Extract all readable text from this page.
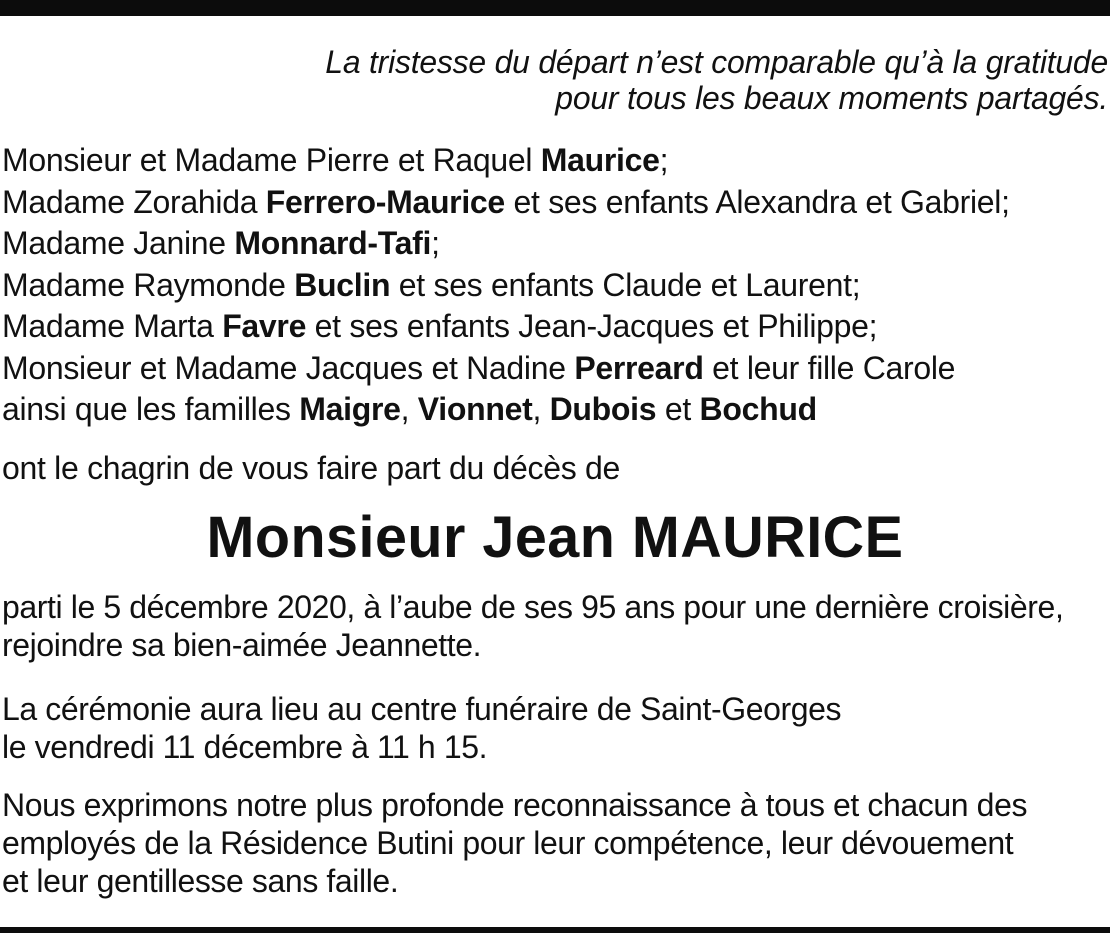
La tristesse du départ n’est comparable qu’à la gratitude
pour tous les beaux moments partagés.
Monsieur et Madame Pierre et Raquel Maurice;
Madame Zorahida Ferrero-Maurice et ses enfants Alexandra et Gabriel;
Madame Janine Monnard-Tafi;
Madame Raymonde Buclin et ses enfants Claude et Laurent;
Madame Marta Favre et ses enfants Jean-Jacques et Philippe;
Monsieur et Madame Jacques et Nadine Perreard et leur fille Carole
ainsi que les familles Maigre, Vionnet, Dubois et Bochud
ont le chagrin de vous faire part du décès de
Monsieur Jean MAURICE
parti le 5 décembre 2020, à l’aube de ses 95 ans pour une dernière croisière,
rejoindre sa bien-aimée Jeannette.
La cérémonie aura lieu au centre funéraire de Saint-Georges
le vendredi 11 décembre à 11 h 15.
Nous exprimons notre plus profonde reconnaissance à tous et chacun des
employés de la Résidence Butini pour leur compétence, leur dévouement
et leur gentillesse sans faille.
